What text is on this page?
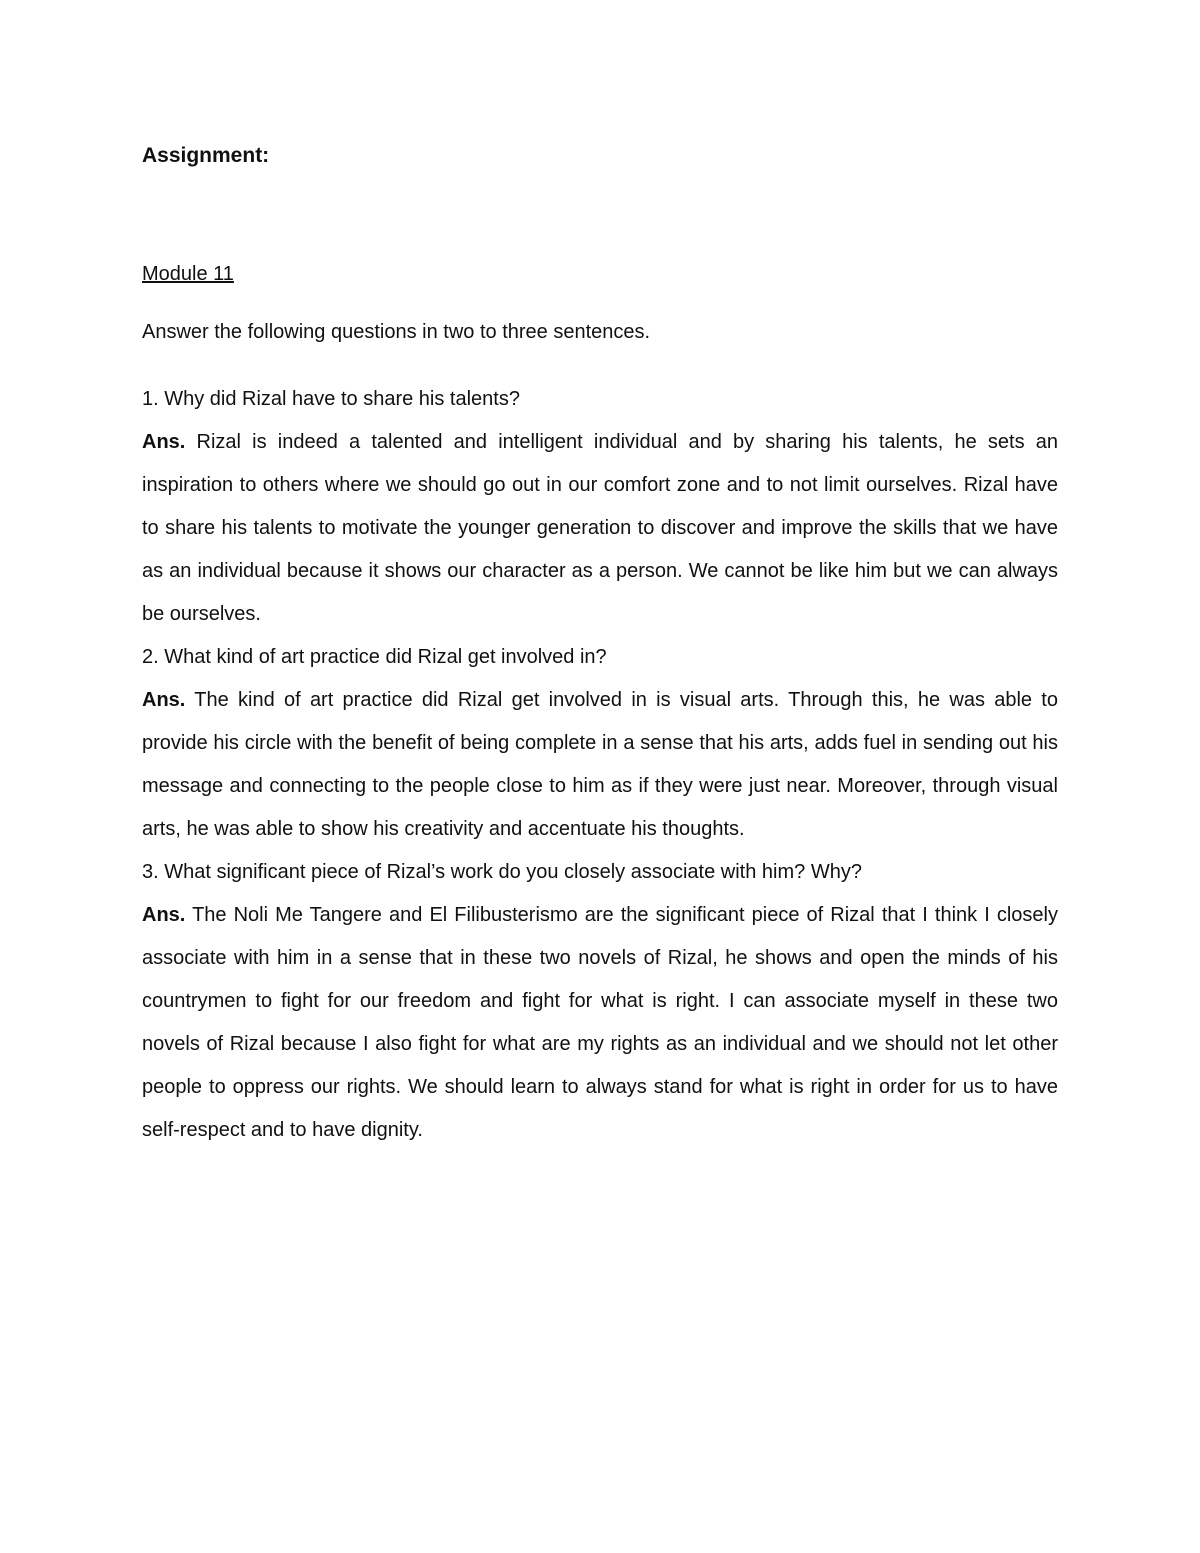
Assignment:
Module 11

Answer the following questions in two to three sentences.

1. Why did Rizal have to share his talents?

Ans. Rizal is indeed a talented and intelligent individual and by sharing his talents, he sets an inspiration to others where we should go out in our comfort zone and to not limit ourselves. Rizal have to share his talents to motivate the younger generation to discover and improve the skills that we have as an individual because it shows our character as a person. We cannot be like him but we can always be ourselves.

2. What kind of art practice did Rizal get involved in?

Ans. The kind of art practice did Rizal get involved in is visual arts. Through this, he was able to provide his circle with the benefit of being complete in a sense that his arts, adds fuel in sending out his message and connecting to the people close to him as if they were just near. Moreover, through visual arts, he was able to show his creativity and accentuate his thoughts.

3. What significant piece of Rizal’s work do you closely associate with him? Why?

Ans. The Noli Me Tangere and El Filibusterismo are the significant piece of Rizal that I think I closely associate with him in a sense that in these two novels of Rizal, he shows and open the minds of his countrymen to fight for our freedom and fight for what is right. I can associate myself in these two novels of Rizal because I also fight for what are my rights as an individual and we should not let other people to oppress our rights. We should learn to always stand for what is right in order for us to have self-respect and to have dignity.
